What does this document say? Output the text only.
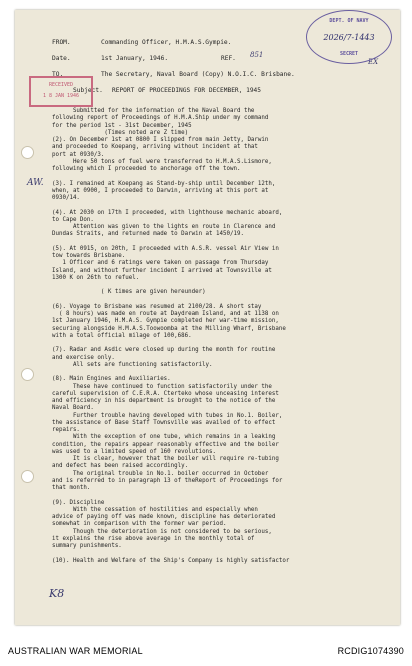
FROM.	Commanding Officer, H.M.A.S.Gympie.
Date.	1st January, 1946.	REF.
TO.	The Secretary, Naval Board (Copy) N.O.I.C. Brisbane.
Subject. REPORT OF PROCEEDINGS FOR DECEMBER, 1945
851
EX
AW.
K8
DEPT. OF NAVY
2026/7-1443
SECRET
RECEIVED
1 8 JAN 1946
Submitted for the information of the Naval Board the
following report of Proceedings of H.M.A.Ship under my command
for the period 1st - 31st December, 1945
(Times noted are Z time)
(2). On December 1st at 0800 I slipped from main Jetty, Darwin
and proceeded to Koepang, arriving without incident at that
port at 0930/3.
Here 50 tons of fuel were transferred to H.M.A.S.Lismore,
following which I proceeded to anchorage off the town.
(3). I remained at Koepang as Stand-by-ship until December 12th,
when, at 0900, I proceeded to Darwin, arriving at this port at
0930/14.
(4). At 2030 on 17th I proceeded, with lighthouse mechanic aboard,
to Cape Don.
Attention was given to the lights en route in Clarence and
Dundas Straits, and returned made to Darwin at 1450/19.
(5). At 0915, on 20th, I proceeded with A.S.R. vessel Air View in
tow towards Brisbane.
1 Officer and 6 ratings were taken on passage from Thursday
Island, and without further incident I arrived at Townsville at
1300 K on 26th to refuel.
( K times are given hereunder)
(6). Voyage to Brisbane was resumed at 2100/28. A short stay
( 8 hours) was made en route at Daydream Island, and at 1138 on
1st January 1946, H.M.A.S. Gympie completed her war-time mission,
securing alongside H.M.A.S.Toowoomba at the Milling Wharf, Brisbane
with a total official milage of 100,686.
(7). Radar and Asdic were closed up during the month for routine
and exercise only.
All sets are functioning satisfactorily.
(8). Main Engines and Auxiliaries.
These have continued to function satisfactorily under the
careful supervision of C.E.R.A. Cterteko whose unceasing interest
and efficiency in his department is brought to the notice of the
Naval Board.
Further trouble having developed with tubes in No.1. Boiler,
the assistance of Base Staff Townsville was availed of to effect
repairs.
With the exception of one tube, which remains in a leaking
condition, the repairs appear reasonably effective and the boiler
was used to a limited speed of 160 revolutions.
It is clear, however that the boiler will require re-tubing
and defect has been raised accordingly.
The original trouble in No.1. boiler occurred in October
and is referred to in paragraph 13 of theReport of Proceedings for
that month.
(9). Discipline
With the cessation of hostilities and especially when
advice of paying off was made known, discipline has deteriorated
somewhat in comparison with the former war period.
Though the deterioration is not considered to be serious,
it explains the rise above average in the monthly total of
summary punishments.
(10). Health and Welfare of the Ship's Company is highly satisfactor
AUSTRALIAN WAR MEMORIAL	RCDIG1074390
